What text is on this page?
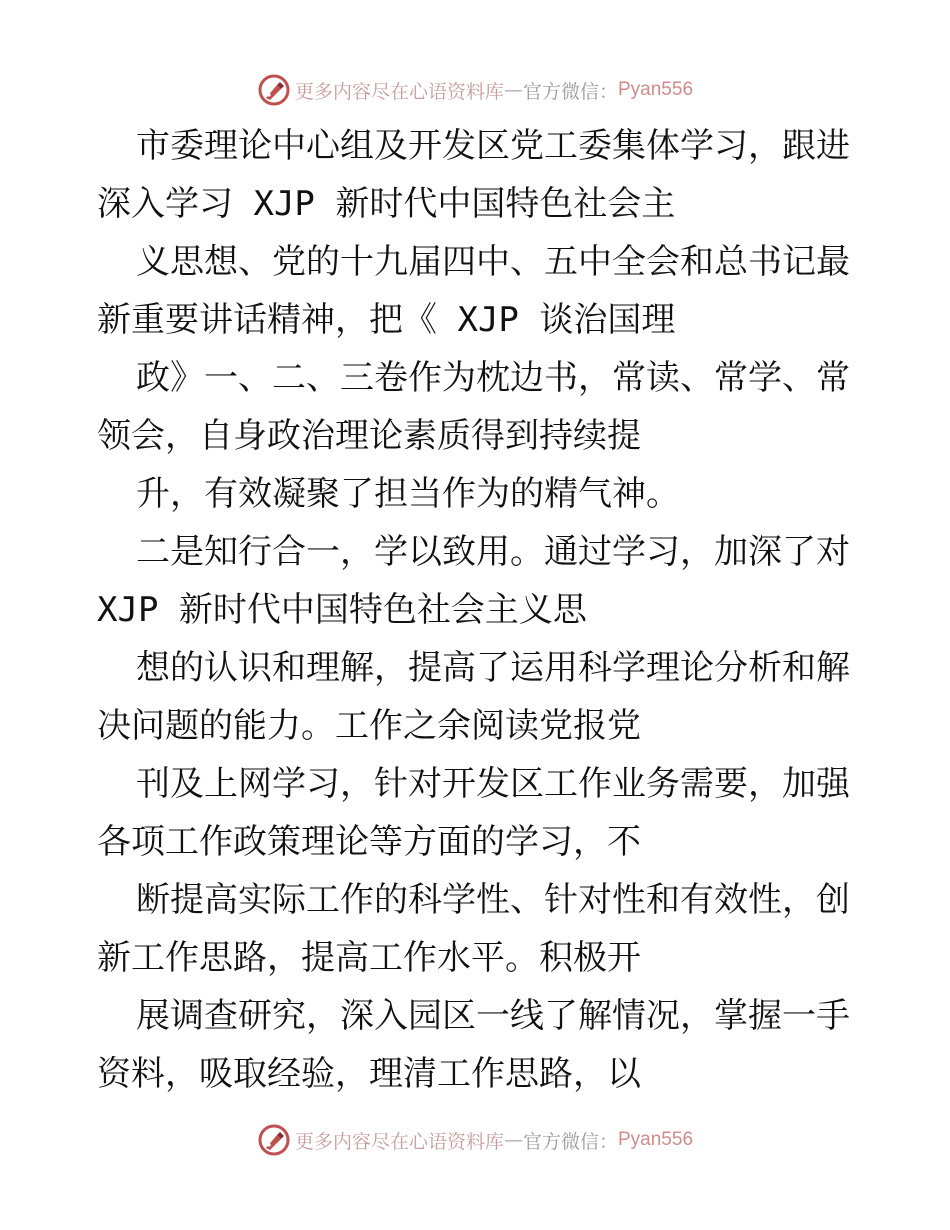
更多内容尽在心语资料库 — 官方微信： Pyan556
市委理论中心组及开发区党工委集体学习，跟进
深入学习 XJP 新时代中国特色社会主
义思想、党的十九届四中、五中全会和总书记最
新重要讲话精神，把《 XJP 谈治国理
政》一、二、三卷作为枕边书，常读、常学、常
领会，自身政治理论素质得到持续提
升，有效凝聚了担当作为的精气神。
二是知行合一，学以致用。通过学习，加深了对
XJP 新时代中国特色社会主义思
想的认识和理解，提高了运用科学理论分析和解
决问题的能力。工作之余阅读党报党
刊及上网学习，针对开发区工作业务需要，加强
各项工作政策理论等方面的学习，不
断提高实际工作的科学性、针对性和有效性，创
新工作思路，提高工作水平。积极开
展调查研究，深入园区一线了解情况，掌握一手
资料，吸取经验，理清工作思路，以
更多内容尽在心语资料库 — 官方微信： Pyan556
